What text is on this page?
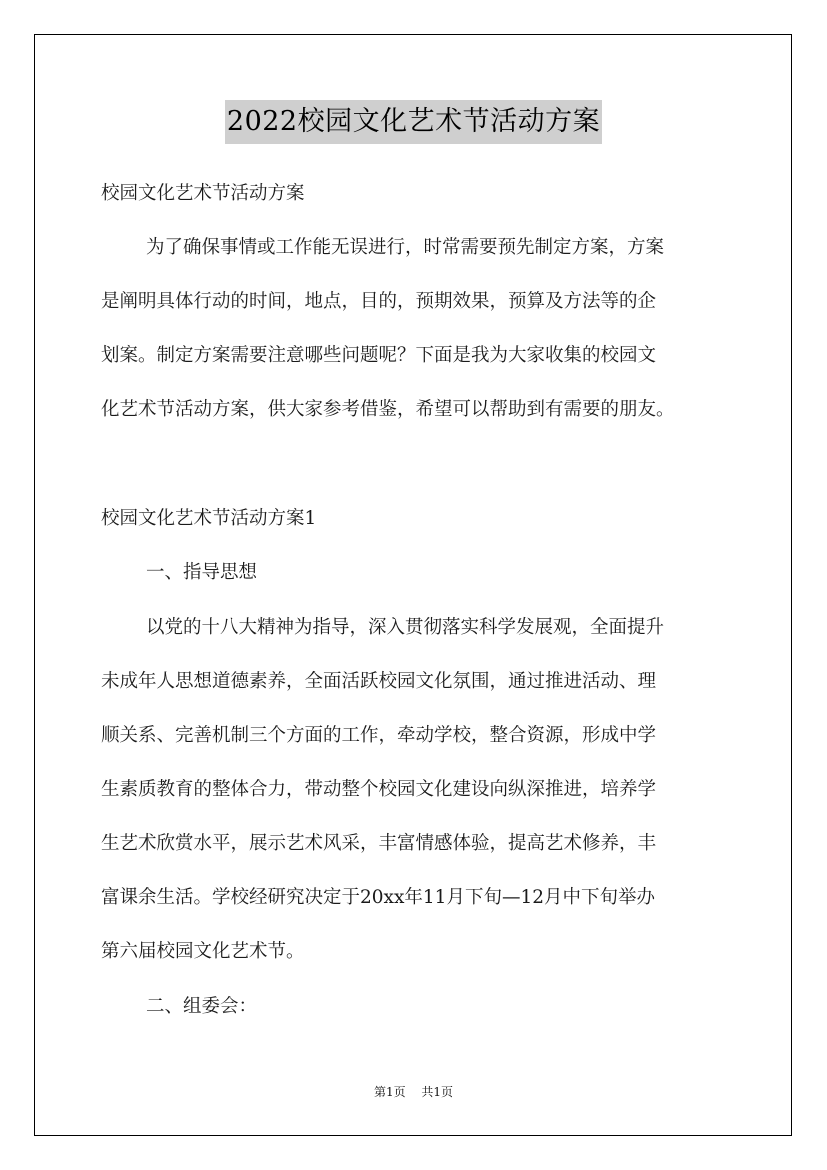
2022校园文化艺术节活动方案
校园文化艺术节活动方案
为了确保事情或工作能无误进行，时常需要预先制定方案，方案
是阐明具体行动的时间，地点，目的，预期效果，预算及方法等的企
划案。制定方案需要注意哪些问题呢？下面是我为大家收集的校园文
化艺术节活动方案，供大家参考借鉴，希望可以帮助到有需要的朋友。
校园文化艺术节活动方案1
一、指导思想
以党的十八大精神为指导，深入贯彻落实科学发展观，全面提升
未成年人思想道德素养，全面活跃校园文化氛围，通过推进活动、理
顺关系、完善机制三个方面的工作，牵动学校，整合资源，形成中学
生素质教育的整体合力，带动整个校园文化建设向纵深推进，培养学
生艺术欣赏水平，展示艺术风采，丰富情感体验，提高艺术修养，丰
富课余生活。学校经研究决定于20xx年11月下旬—12月中下旬举办
第六届校园文化艺术节。
二、组委会：
第1页 共1页
